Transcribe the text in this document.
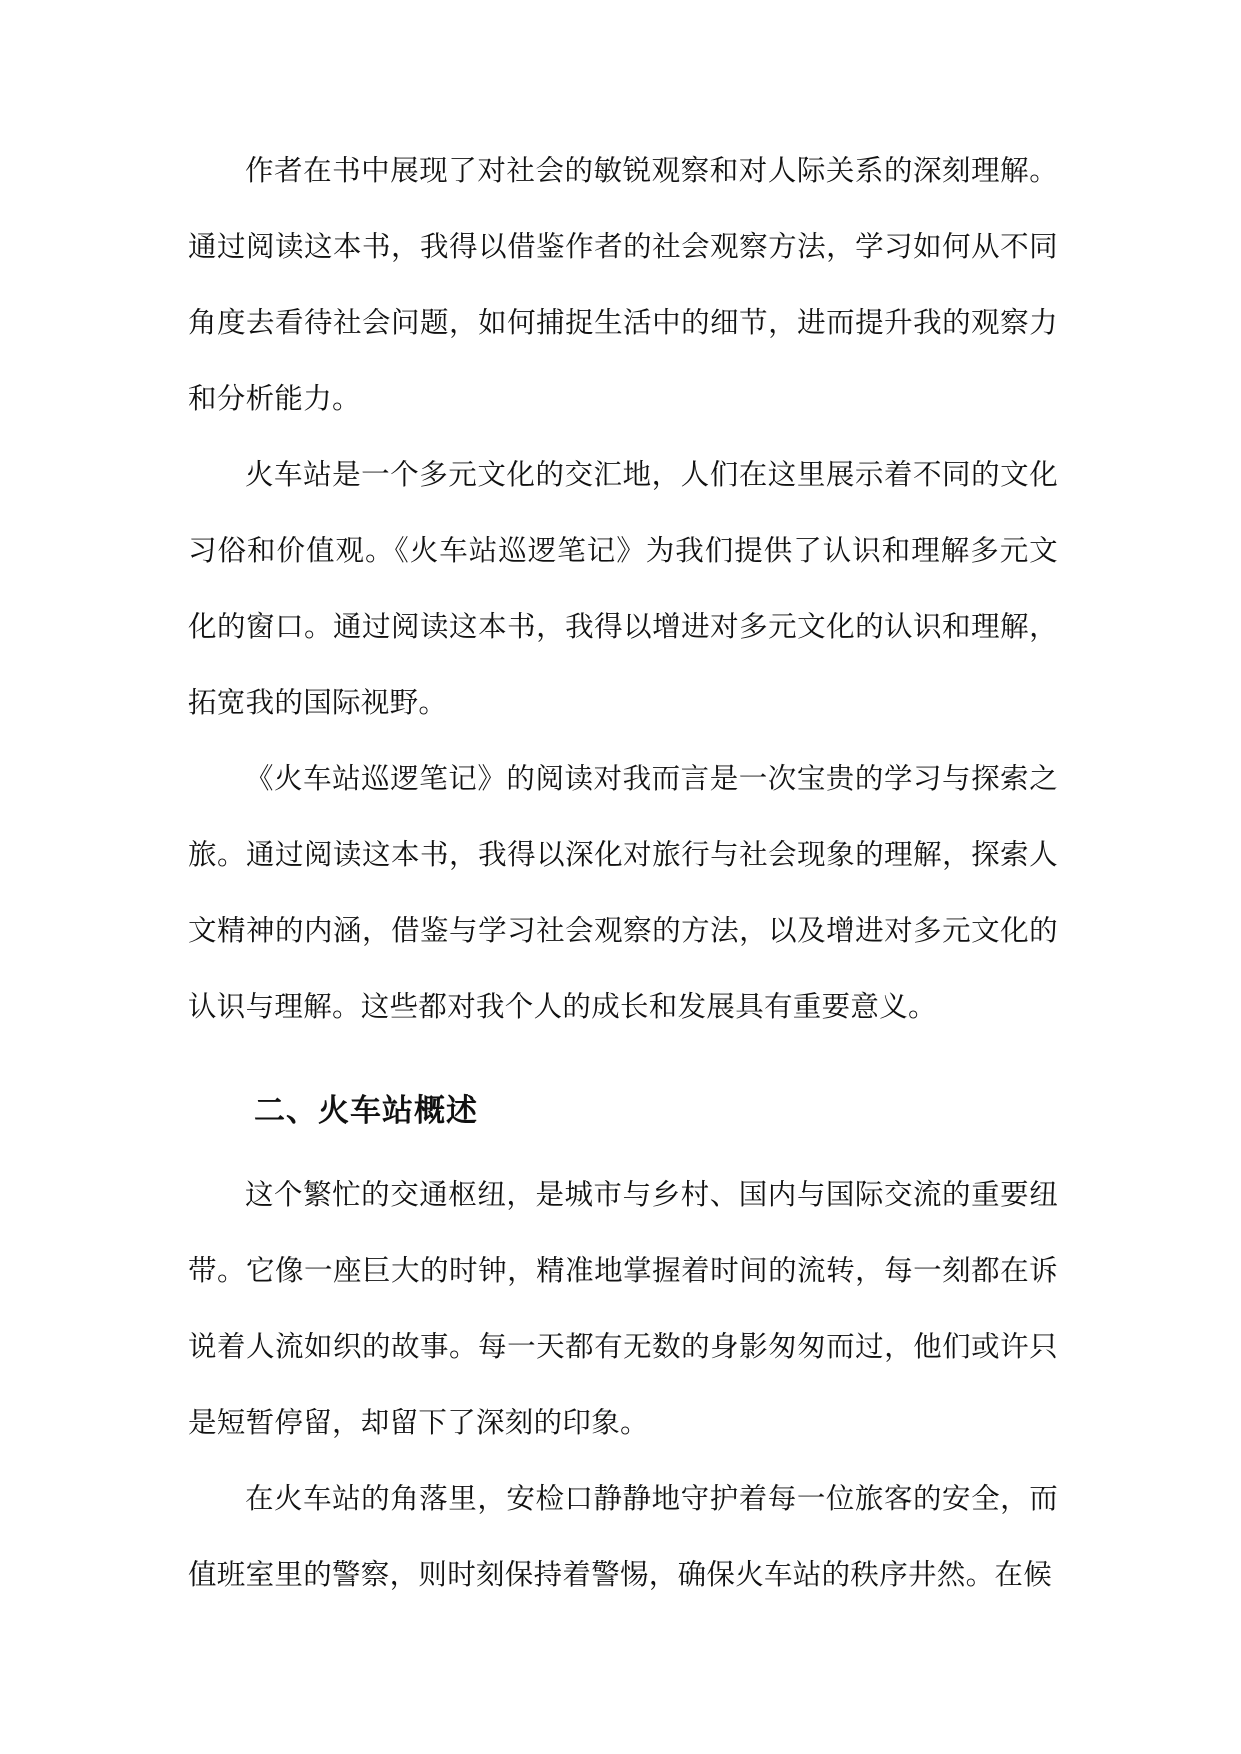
作者在书中展现了对社会的敏锐观察和对人际关系的深刻理解。通过阅读这本书，我得以借鉴作者的社会观察方法，学习如何从不同角度去看待社会问题，如何捕捉生活中的细节，进而提升我的观察力和分析能力。

火车站是一个多元文化的交汇地，人们在这里展示着不同的文化习俗和价值观。《火车站巡逻笔记》为我们提供了认识和理解多元文化的窗口。通过阅读这本书，我得以增进对多元文化的认识和理解，拓宽我的国际视野。

《火车站巡逻笔记》的阅读对我而言是一次宝贵的学习与探索之旅。通过阅读这本书，我得以深化对旅行与社会现象的理解，探索人文精神的内涵，借鉴与学习社会观察的方法，以及增进对多元文化的认识与理解。这些都对我个人的成长和发展具有重要意义。

二、火车站概述

这个繁忙的交通枢纽，是城市与乡村、国内与国际交流的重要纽带。它像一座巨大的时钟，精准地掌握着时间的流转，每一刻都在诉说着人流如织的故事。每一天都有无数的身影匆匆而过，他们或许只是短暂停留，却留下了深刻的印象。

在火车站的角落里，安检口静静地守护着每一位旅客的安全，而值班室里的警察，则时刻保持着警惕，确保火车站的秩序井然。在候
